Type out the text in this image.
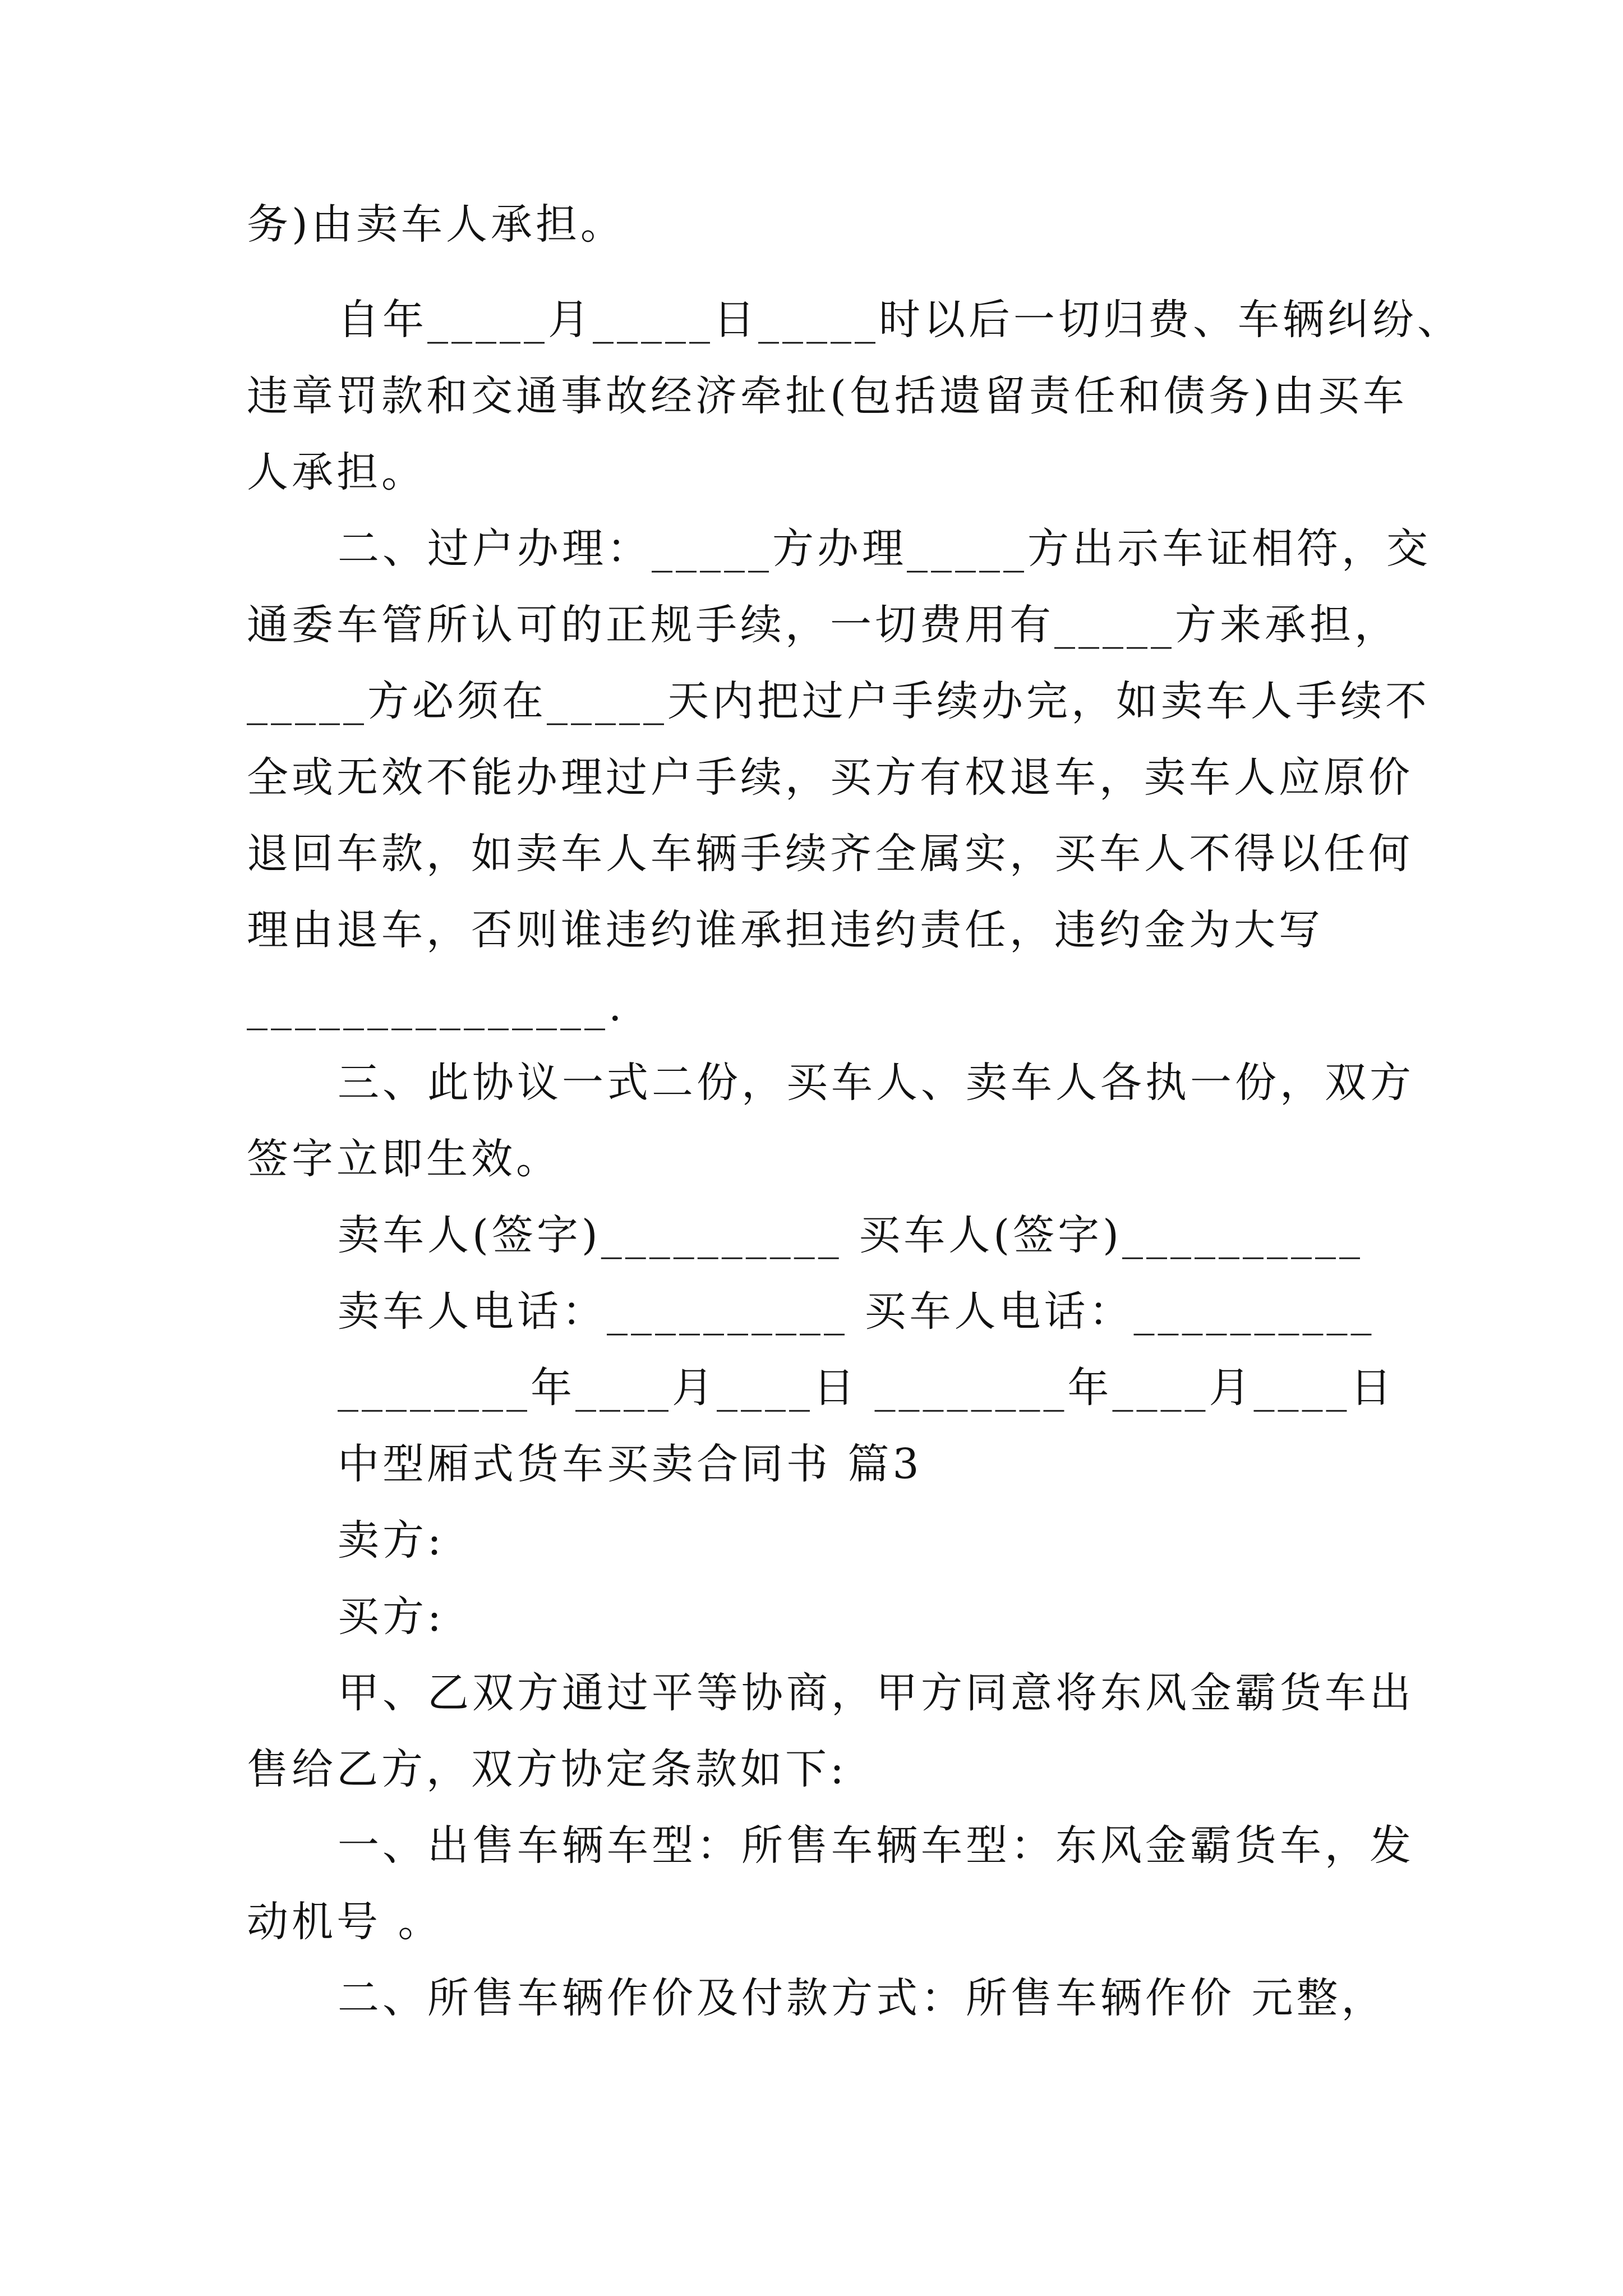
务)由卖车人承担。
自年_____月_____日_____时以后一切归费、车辆纠纷、
违章罚款和交通事故经济牵扯(包括遗留责任和债务)由买车
人承担。
二、过户办理：_____方办理_____方出示车证相符，交
通委车管所认可的正规手续，一切费用有_____方来承担，
_____方必须在_____天内把过户手续办完，如卖车人手续不
全或无效不能办理过户手续，买方有权退车，卖车人应原价
退回车款，如卖车人车辆手续齐全属实，买车人不得以任何
理由退车，否则谁违约谁承担违约责任，违约金为大写
_______________.
三、此协议一式二份，买车人、卖车人各执一份，双方
签字立即生效。
卖车人(签字)__________ 买车人(签字)__________
卖车人电话：__________ 买车人电话：__________
________年____月____日 ________年____月____日
中型厢式货车买卖合同书 篇3
卖方:
买方:
甲、乙双方通过平等协商，甲方同意将东风金霸货车出
售给乙方，双方协定条款如下:
一、出售车辆车型：所售车辆车型：东风金霸货车，发
动机号 。
二、所售车辆作价及付款方式：所售车辆作价 元整，
